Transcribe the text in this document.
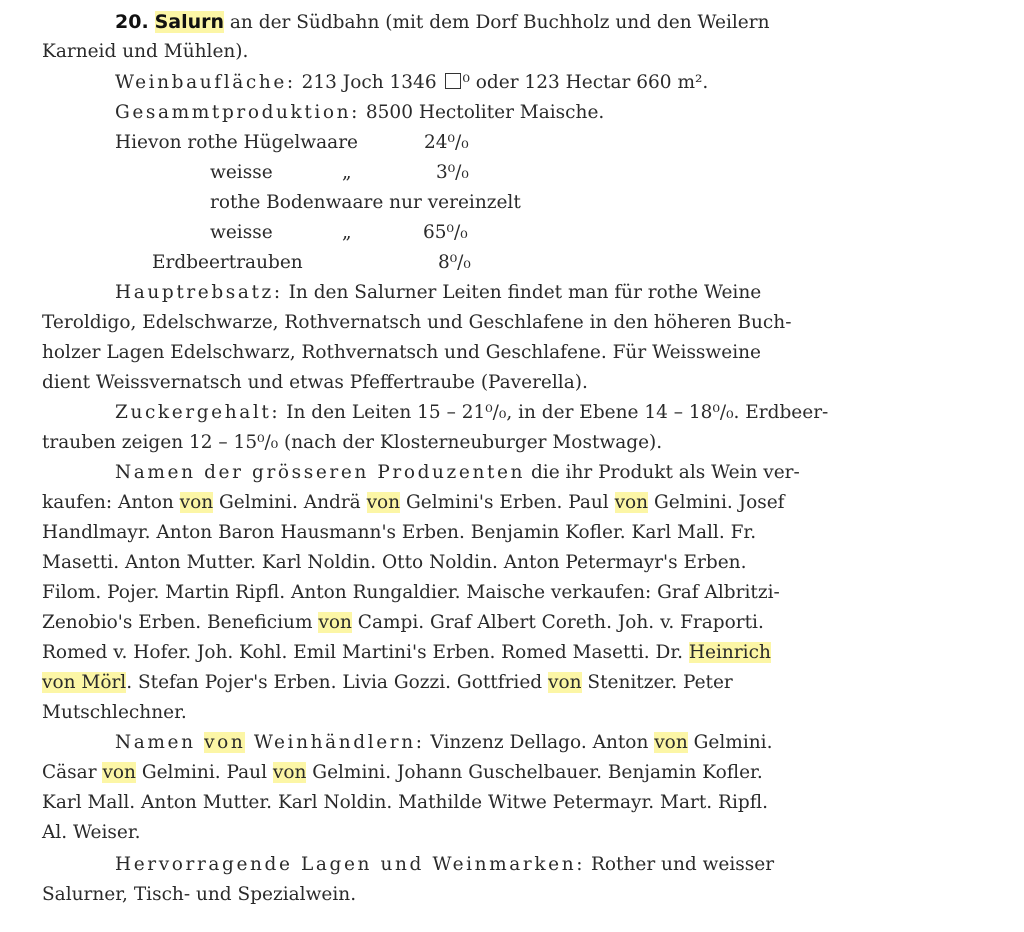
20. Salurn an der Südbahn (mit dem Dorf Buchholz und den Weilern
Karneid und Mühlen).
Weinbaufläche: 213 Joch 1346 ⁰ oder 123 Hectar 660 m².
Gesammtproduktion: 8500 Hectoliter Maische.
Hievon rothe Hügelwaare	24⁰/₀
weisse	„	3⁰/₀
rothe Bodenwaare nur vereinzelt
weisse	„	65⁰/₀
Erdbeertrauben	8⁰/₀
Hauptrebsatz: In den Salurner Leiten findet man für rothe Weine
Teroldigo, Edelschwarze, Rothvernatsch und Geschlafene in den höheren Buch-
holzer Lagen Edelschwarz, Rothvernatsch und Geschlafene. Für Weissweine
dient Weissvernatsch und etwas Pfeffertraube (Paverella).
Zuckergehalt: In den Leiten 15 – 21⁰/₀, in der Ebene 14 – 18⁰/₀. Erdbeer-
trauben zeigen 12 – 15⁰/₀ (nach der Klosterneuburger Mostwage).
Namen der grösseren Produzenten die ihr Produkt als Wein ver-
kaufen: Anton von Gelmini. Andrä von Gelmini's Erben. Paul von Gelmini. Josef
Handlmayr. Anton Baron Hausmann's Erben. Benjamin Kofler. Karl Mall. Fr.
Masetti. Anton Mutter. Karl Noldin. Otto Noldin. Anton Petermayr's Erben.
Filom. Pojer. Martin Ripfl. Anton Rungaldier. Maische verkaufen: Graf Albritzi-
Zenobio's Erben. Beneficium von Campi. Graf Albert Coreth. Joh. v. Fraporti.
Romed v. Hofer. Joh. Kohl. Emil Martini's Erben. Romed Masetti. Dr. Heinrich
von Mörl. Stefan Pojer's Erben. Livia Gozzi. Gottfried von Stenitzer. Peter
Mutschlechner.
Namen von Weinhändlern: Vinzenz Dellago. Anton von Gelmini.
Cäsar von Gelmini. Paul von Gelmini. Johann Guschelbauer. Benjamin Kofler.
Karl Mall. Anton Mutter. Karl Noldin. Mathilde Witwe Petermayr. Mart. Ripfl.
Al. Weiser.
Hervorragende Lagen und Weinmarken: Rother und weisser
Salurner, Tisch- und Spezialwein.
